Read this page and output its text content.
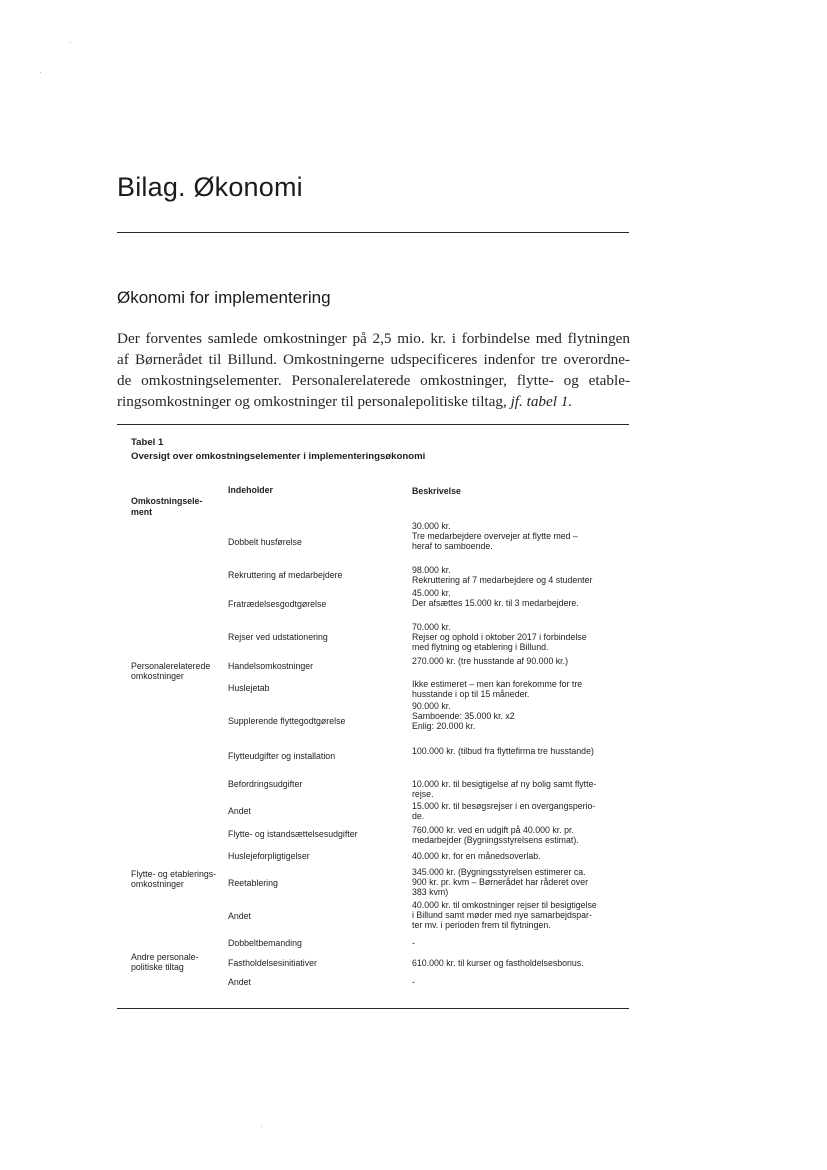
Bilag. Økonomi
Økonomi for implementering
Der forventes samlede omkostninger på 2,5 mio. kr. i forbindelse med flytningen
af Børnerådet til Billund. Omkostningerne udspecificeres indenfor tre overordne-
de omkostningselementer. Personalerelaterede omkostninger, flytte- og etable-
ringsomkostninger og omkostninger til personalepolitiske tiltag, jf. tabel 1.
Tabel 1
Oversigt over omkostningselementer i implementeringsøkonomi
Omkostningsele-
ment
Indeholder	Beskrivelse
Personalerelaterede
omkostninger
Flytte- og etablerings-
omkostninger
Andre personale-
politiske tiltag
Dobbelt husførelse
Rekruttering af medarbejdere
Fratrædelsesgodtgørelse
Rejser ved udstationering
Handelsomkostninger
Huslejetab
Supplerende flyttegodtgørelse
Flytteudgifter og installation
Befordringsudgifter
Andet
Flytte- og istandsættelsesudgifter
Huslejeforpligtigelser
Reetablering
Andet
Dobbeltbemanding
Fastholdelsesinitiativer
Andet
30.000 kr.
Tre medarbejdere overvejer at flytte med –
heraf to samboende.
98.000 kr.
Rekruttering af 7 medarbejdere og 4 studenter
45.000 kr.
Der afsættes 15.000 kr. til 3 medarbejdere.
70.000 kr.
Rejser og ophold i oktober 2017 i forbindelse
med flytning og etablering i Billund.
270.000 kr. (tre husstande af 90.000 kr.)
Ikke estimeret – men kan forekomme for tre
husstande i op til 15 måneder.
90.000 kr.
Samboende: 35.000 kr. x2
Enlig: 20.000 kr.
100.000 kr. (tilbud fra flyttefirma tre husstande)
10.000 kr. til besigtigelse af ny bolig samt flytte-
rejse.
15.000 kr. til besøgsrejser i en overgangsperio-
de.
760.000 kr. ved en udgift på 40.000 kr. pr.
medarbejder (Bygningsstyrelsens estimat).
40.000 kr. for en månedsoverlab.
345.000 kr. (Bygningsstyrelsen estimerer ca.
900 kr. pr. kvm – Børnerådet har råderet over
383 kvm)
40.000 kr. til omkostninger rejser til besigtigelse
i Billund samt møder med nye samarbejdspar-
ter mv. i perioden frem til flytningen.
-
610.000 kr. til kurser og fastholdelsesbonus.
-
